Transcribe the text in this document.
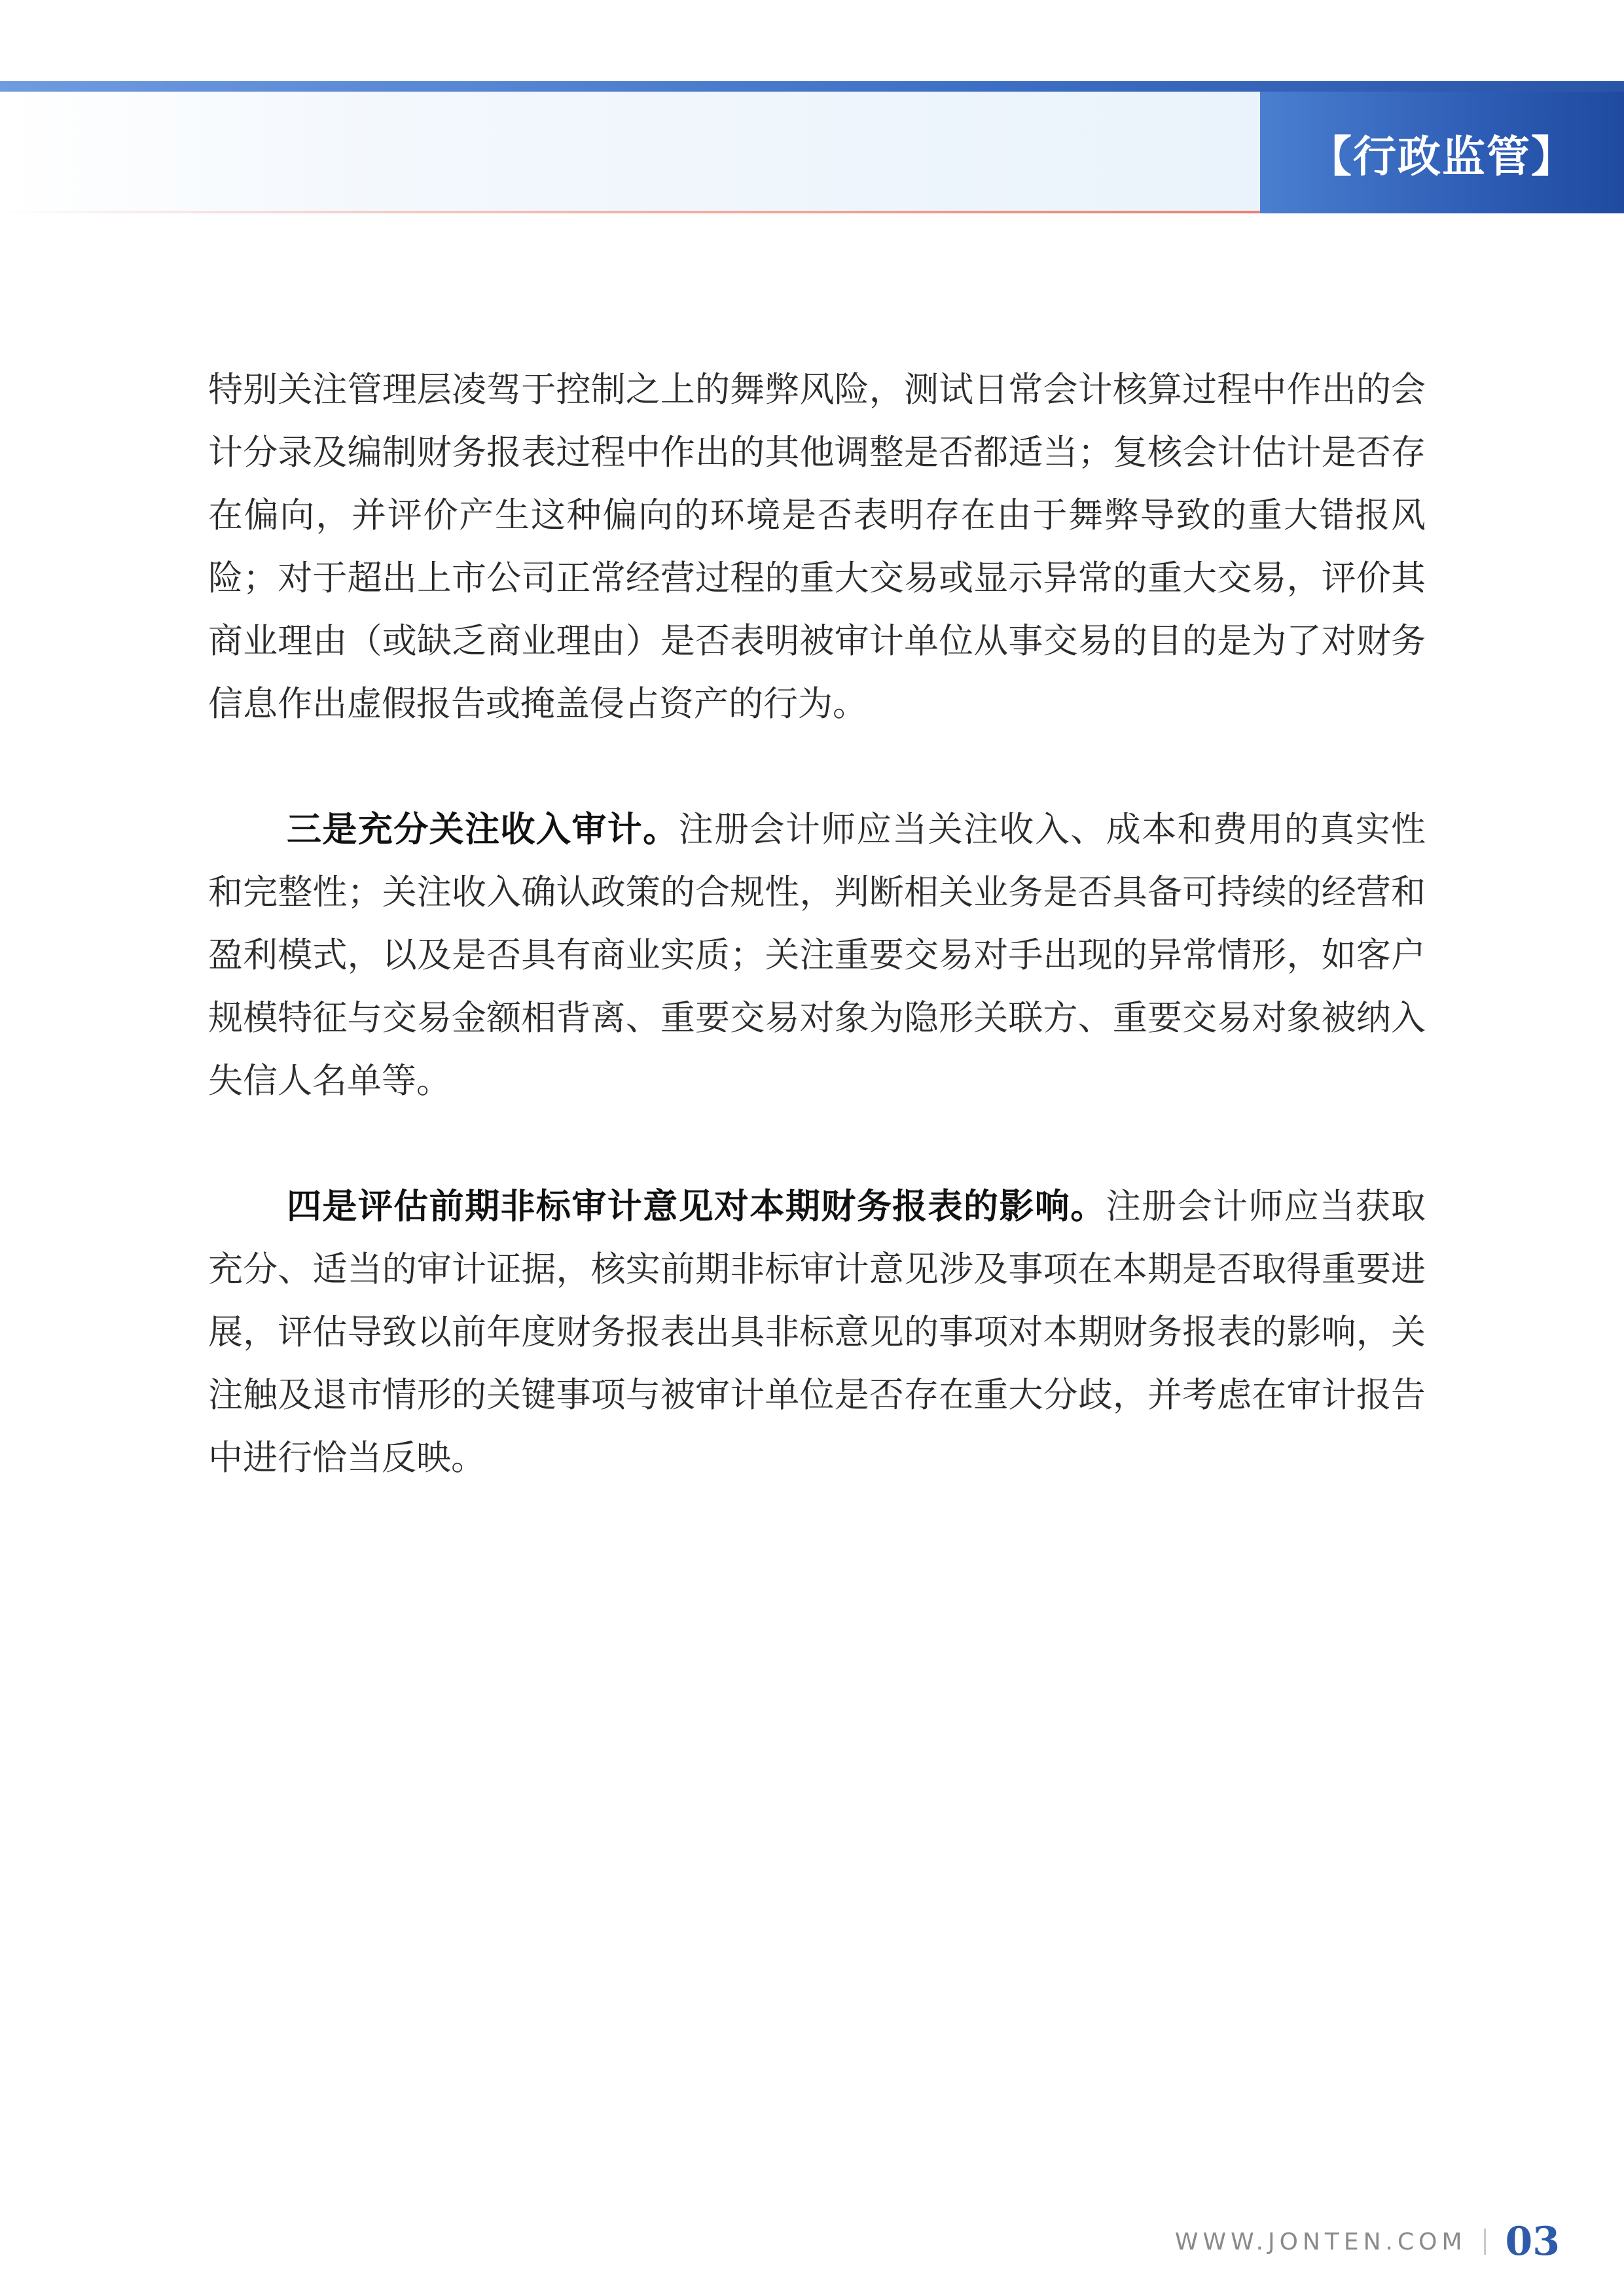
【行政监管】

特别关注管理层凌驾于控制之上的舞弊风险，测试日常会计核算过程中作出的会计分录及编制财务报表过程中作出的其他调整是否都适当；复核会计估计是否存在偏向，并评价产生这种偏向的环境是否表明存在由于舞弊导致的重大错报风险；对于超出上市公司正常经营过程的重大交易或显示异常的重大交易，评价其商业理由（或缺乏商业理由）是否表明被审计单位从事交易的目的是为了对财务信息作出虚假报告或掩盖侵占资产的行为。

三是充分关注收入审计。注册会计师应当关注收入、成本和费用的真实性和完整性；关注收入确认政策的合规性，判断相关业务是否具备可持续的经营和盈利模式，以及是否具有商业实质；关注重要交易对手出现的异常情形，如客户规模特征与交易金额相背离、重要交易对象为隐形关联方、重要交易对象被纳入失信人名单等。

四是评估前期非标审计意见对本期财务报表的影响。注册会计师应当获取充分、适当的审计证据，核实前期非标审计意见涉及事项在本期是否取得重要进展，评估导致以前年度财务报表出具非标意见的事项对本期财务报表的影响，关注触及退市情形的关键事项与被审计单位是否存在重大分歧，并考虑在审计报告中进行恰当反映。

WWW.JONTEN.COM 03
